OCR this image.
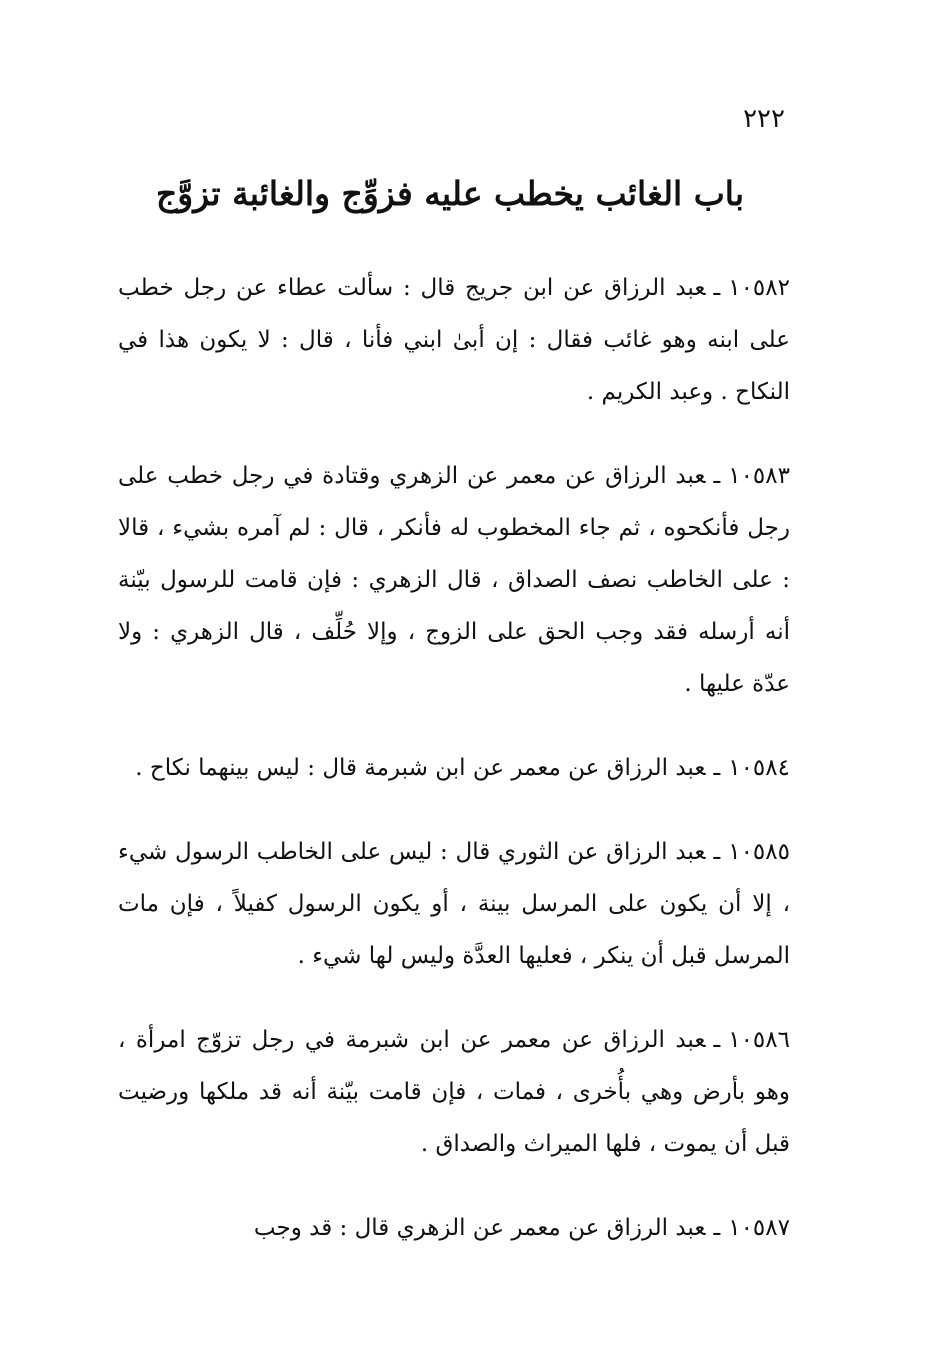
٢٢٢
باب الغائب يخطب عليه فزوِّج والغائبة تزوَّج

١٠٥٨٢ـعبد الرزاق عن ابن جريج قال : سألت عطاء عن رجل خطب على ابنه وهو غائب فقال : إن أبىٰ ابني فأنا ، قال : لا يكون هذا في النكاح . وعبد الكريم .

١٠٥٨٣ـعبد الرزاق عن معمر عن الزهري وقتادة في رجل خطب على رجل فأنكحوه ، ثم جاء المخطوب له فأنكر ، قال : لم آمره بشيء ، قالا : على الخاطب نصف الصداق ، قال الزهري : فإن قامت للرسول بيّنة أنه أرسله فقد وجب الحق على الزوج ، وإلا حُلِّف ، قال الزهري : ولا عدّة عليها .

١٠٥٨٤ـعبد الرزاق عن معمر عن ابن شبرمة قال : ليس بينهما نكاح .

١٠٥٨٥ـعبد الرزاق عن الثوري قال : ليس على الخاطب الرسول شيء ، إلا أن يكون على المرسل بينة ، أو يكون الرسول كفيلاً ، فإن مات المرسل قبل أن ينكر ، فعليها العدَّة وليس لها شيء .

١٠٥٨٦ـعبد الرزاق عن معمر عن ابن شبرمة في رجل تزوّج امرأة ، وهو بأرض وهي بأُخرى ، فمات ، فإن قامت بيّنة أنه قد ملكها ورضيت قبل أن يموت ، فلها الميراث والصداق .

١٠٥٨٧ـعبد الرزاق عن معمر عن الزهري قال : قد وجب
